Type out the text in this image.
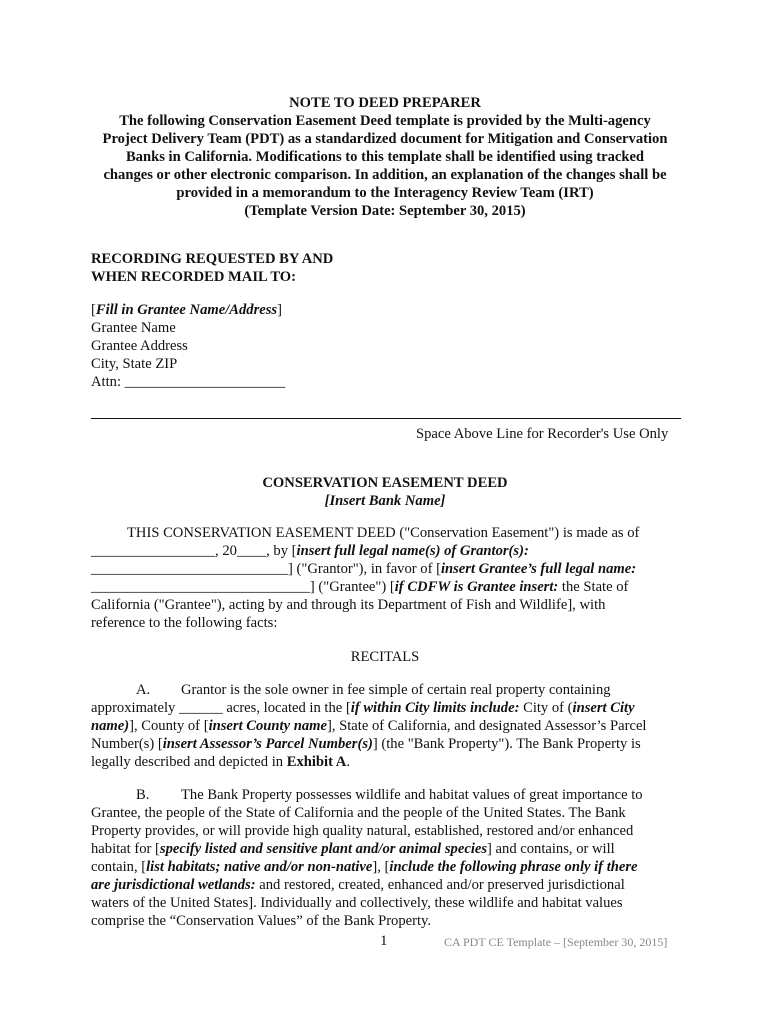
NOTE TO DEED PREPARER
The following Conservation Easement Deed template is provided by the Multi-agency
Project Delivery Team (PDT) as a standardized document for Mitigation and Conservation
Banks in California. Modifications to this template shall be identified using tracked
changes or other electronic comparison. In addition, an explanation of the changes shall be
provided in a memorandum to the Interagency Review Team (IRT)
(Template Version Date: September 30, 2015)
RECORDING REQUESTED BY AND
WHEN RECORDED MAIL TO:
[Fill in Grantee Name/Address]
Grantee Name
Grantee Address
City, State ZIP
Attn: ______________________
Space Above Line for Recorder's Use Only
CONSERVATION EASEMENT DEED
[Insert Bank Name]
THIS CONSERVATION EASEMENT DEED ("Conservation Easement") is made as of
_________________, 20____, by [insert full legal name(s) of Grantor(s):
___________________________] ("Grantor"), in favor of [insert Grantee’s full legal name:
______________________________] ("Grantee") [if CDFW is Grantee insert: the State of
California ("Grantee"), acting by and through its Department of Fish and Wildlife], with
reference to the following facts:
RECITALS
A. Grantor is the sole owner in fee simple of certain real property containing
approximately ______ acres, located in the [if within City limits include: City of (insert City
name)], County of [insert County name], State of California, and designated Assessor’s Parcel
Number(s) [insert Assessor’s Parcel Number(s)] (the "Bank Property"). The Bank Property is
legally described and depicted in Exhibit A.
B. The Bank Property possesses wildlife and habitat values of great importance to
Grantee, the people of the State of California and the people of the United States. The Bank
Property provides, or will provide high quality natural, established, restored and/or enhanced
habitat for [specify listed and sensitive plant and/or animal species] and contains, or will
contain, [list habitats; native and/or non-native], [include the following phrase only if there
are jurisdictional wetlands: and restored, created, enhanced and/or preserved jurisdictional
waters of the United States]. Individually and collectively, these wildlife and habitat values
comprise the “Conservation Values” of the Bank Property.
1	CA PDT CE Template – [September 30, 2015]
